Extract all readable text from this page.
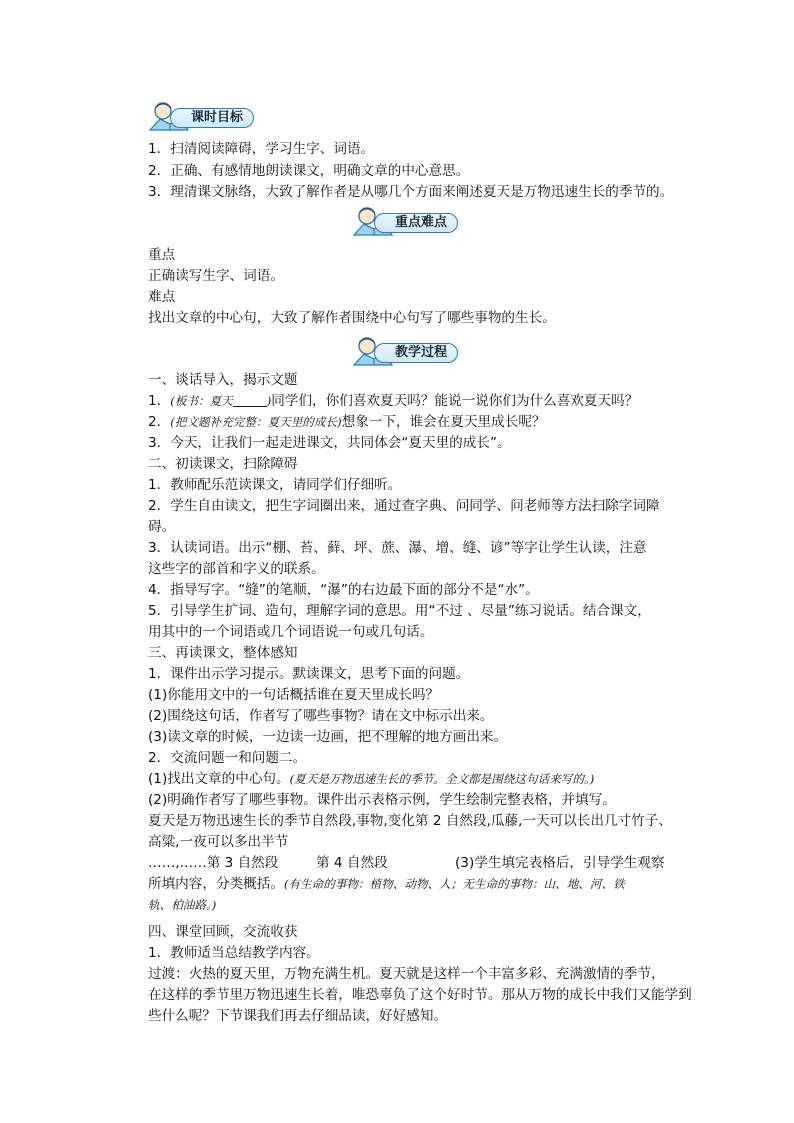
课时目标
1．扫清阅读障碍，学习生字、词语。
2．正确、有感情地朗读课文，明确文章的中心意思。
3．理清课文脉络，大致了解作者是从哪几个方面来阐述夏天是万物迅速生长的季节的。
重点难点
重点
正确读写生字、词语。
难点
找出文章的中心句，大致了解作者围绕中心句写了哪些事物的生长。
教学过程
一、谈话导入，揭示文题
1．(板书：夏天	)同学们，你们喜欢夏天吗？能说一说你们为什么喜欢夏天吗？
2．(把文题补充完整：夏天里的成长)想象一下，谁会在夏天里成长呢？
3．今天，让我们一起走进课文，共同体会“夏天里的成长”。
二、初读课文，扫除障碍
1．教师配乐范读课文，请同学们仔细听。
2．学生自由读文，把生字词圈出来，通过查字典、问同学、问老师等方法扫除字词障
碍。
3．认读词语。出示“棚、苔、藓、坪、蔗、瀑、增、缝、谚”等字让学生认读，注意
这些字的部首和字义的联系。
4．指导写字。“缝”的笔顺，“瀑”的右边最下面的部分不是“水”。
5．引导学生扩词、造句，理解字词的意思。用“不过 、尽量”练习说话。结合课文，
用其中的一个词语或几个词语说一句或几句话。
三、再读课文，整体感知
1．课件出示学习提示。默读课文，思考下面的问题。
(1)你能用文中的一句话概括谁在夏天里成长吗？
(2)围绕这句话，作者写了哪些事物？请在文中标示出来。
(3)读文章的时候，一边读一边画，把不理解的地方画出来。
2．交流问题一和问题二。
(1)找出文章的中心句。(夏天是万物迅速生长的季节。全文都是围绕这句话来写的。)
(2)明确作者写了哪些事物。课件出示表格示例，学生绘制完整表格，并填写。
夏天是万物迅速生长的季节自然段,事物,变化第 2 自然段,瓜藤,一天可以长出几寸竹子、
高粱,一夜可以多出半节
……,……第 3 自然段	第 4 自然段	(3)学生填完表格后，引导学生观察
所填内容，分类概括。(有生命的事物：植物、动物、人；无生命的事物：山、地、河、铁
轨、柏油路。)
四、课堂回顾，交流收获
1．教师适当总结教学内容。
过渡：火热的夏天里，万物充满生机。夏天就是这样一个丰富多彩、充满激情的季节，
在这样的季节里万物迅速生长着，唯恐辜负了这个好时节。那从万物的成长中我们又能学到
些什么呢？下节课我们再去仔细品读，好好感知。
